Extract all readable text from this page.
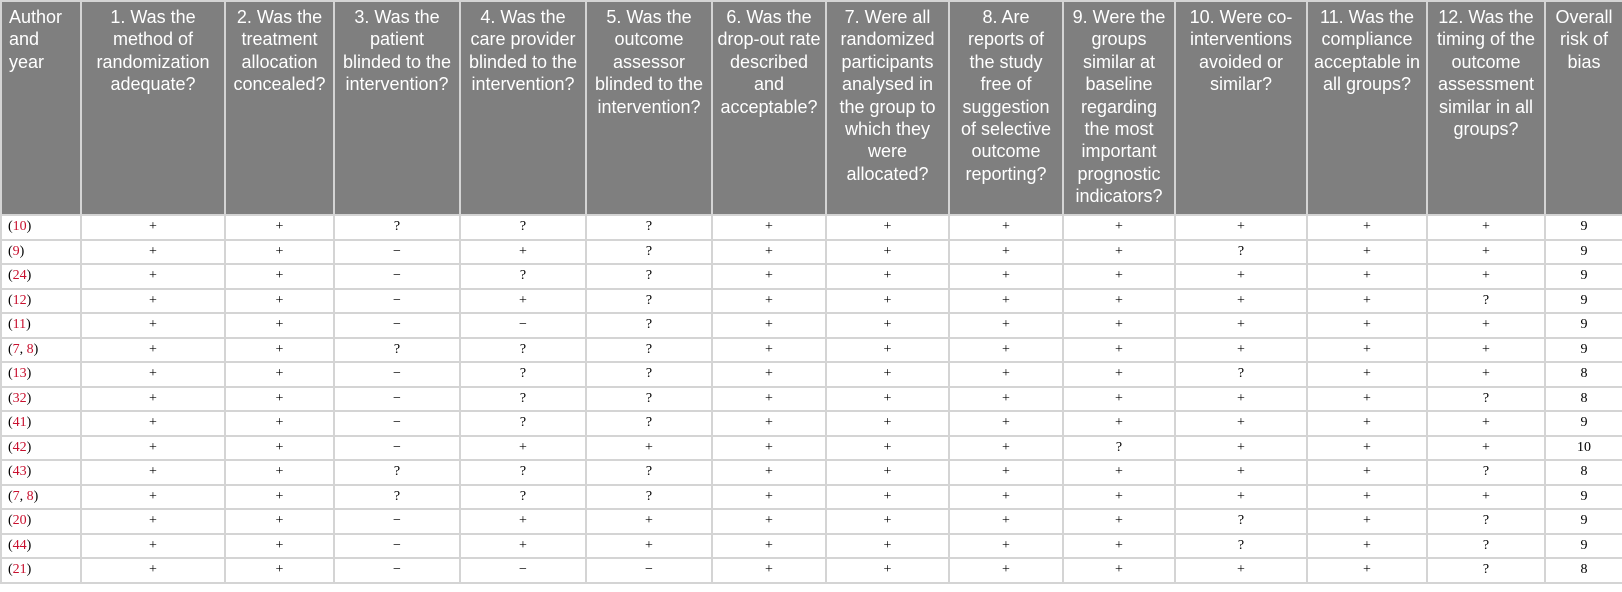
Author and year	1. Was the method of randomization adequate?	2. Was the treatment allocation concealed?	3. Was the patient blinded to the intervention?	4. Was the care provider blinded to the intervention?	5. Was the outcome assessor blinded to the intervention?	6. Was the drop-out rate described and acceptable?	7. Were all randomized participants analysed in the group to which they were allocated?	8. Are reports of the study free of suggestion of selective outcome reporting?	9. Were the groups similar at baseline regarding the most important prognostic indicators?	10. Were co-interventions avoided or similar?	11. Was the compliance acceptable in all groups?	12. Was the timing of the outcome assessment similar in all groups?	Overall risk of bias
(10)	+	+	?	?	?	+	+	+	+	+	+	+	9
(9)	+	+	−	+	?	+	+	+	+	?	+	+	9
(24)	+	+	−	?	?	+	+	+	+	+	+	+	9
(12)	+	+	−	+	?	+	+	+	+	+	+	?	9
(11)	+	+	−	−	?	+	+	+	+	+	+	+	9
(7, 8)	+	+	?	?	?	+	+	+	+	+	+	+	9
(13)	+	+	−	?	?	+	+	+	+	?	+	+	8
(32)	+	+	−	?	?	+	+	+	+	+	+	?	8
(41)	+	+	−	?	?	+	+	+	+	+	+	+	9
(42)	+	+	−	+	+	+	+	+	?	+	+	+	10
(43)	+	+	?	?	?	+	+	+	+	+	+	?	8
(7, 8)	+	+	?	?	?	+	+	+	+	+	+	+	9
(20)	+	+	−	+	+	+	+	+	+	?	+	?	9
(44)	+	+	−	+	+	+	+	+	+	?	+	?	9
(21)	+	+	−	−	−	+	+	+	+	+	+	?	8
